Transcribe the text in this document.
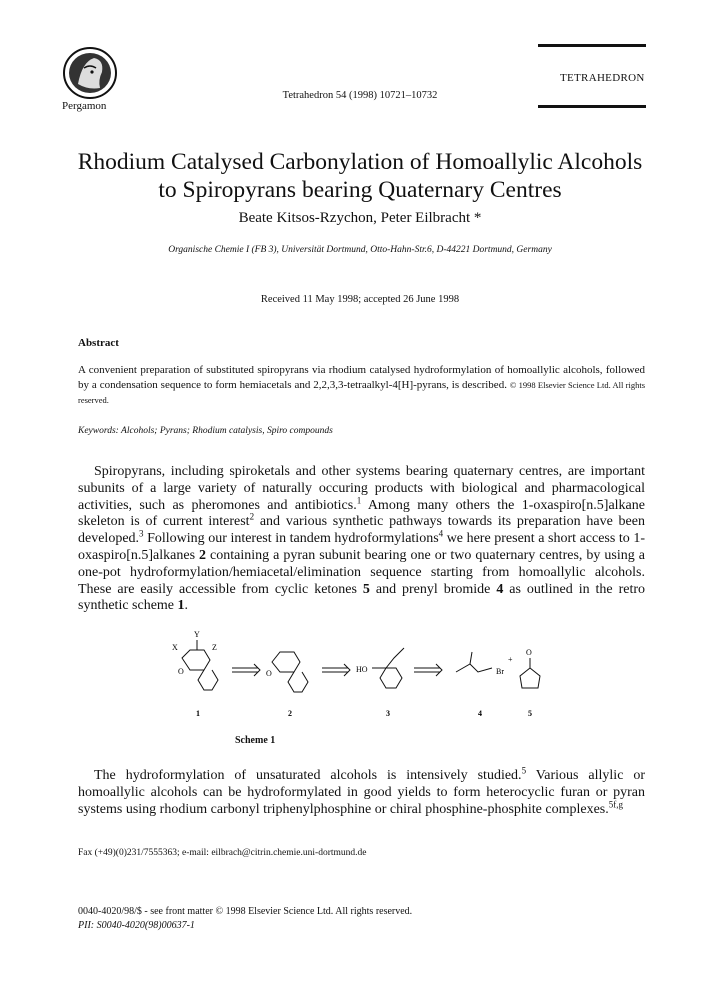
Pergamon
TETRAHEDRON
Tetrahedron 54 (1998) 10721–10732
Rhodium Catalysed Carbonylation of Homoallylic Alcohols
to Spiropyrans bearing Quaternary Centres
Beate Kitsos-Rzychon, Peter Eilbracht *
Organische Chemie I (FB 3), Universität Dortmund, Otto-Hahn-Str.6, D-44221 Dortmund, Germany
Received 11 May 1998; accepted 26 June 1998
Abstract
A convenient preparation of substituted spiropyrans via rhodium catalysed hydroformylation of homoallylic alcohols, followed by a condensation sequence to form hemiacetals and 2,2,3,3-tetraalkyl-4[H]-pyrans, is described. © 1998 Elsevier Science Ltd. All rights reserved.
Keywords: Alcohols; Pyrans; Rhodium catalysis, Spiro compounds
Spiropyrans, including spiroketals and other systems bearing quaternary centres, are important subunits of a large variety of naturally occuring products with biological and pharmacological activities, such as pheromones and antibiotics.$^1$ Among many others the 1-oxaspiro[n.5]alkane skeleton is of current interest$^2$ and various synthetic pathways towards its preparation have been developed.$^3$ Following our interest in tandem hydroformylations$^4$ we here present a short access to 1-oxaspiro[n.5]alkanes 2 containing a pyran subunit bearing one or two quaternary centres, by using a one-pot hydroformylation/hemiacetal/elimination sequence starting from homoallylic alcohols. These are easily accessible from cyclic ketones 5 and prenyl bromide 4 as outlined in the retro synthetic scheme 1.
X
Y
Z
O	O	HO	Br
+
O
1	2	3	4	5
Scheme 1
The hydroformylation of unsaturated alcohols is intensively studied.$^5$ Various allylic or homoallylic alcohols can be hydroformylated in good yields to form heterocyclic furan or pyran systems using rhodium carbonyl triphenylphosphine or chiral phosphine-phosphite complexes.$^{5f,g}$
Fax (+49)(0)231/7555363; e-mail: eilbrach@citrin.chemie.uni-dortmund.de
0040-4020/98/$ - see front matter © 1998 Elsevier Science Ltd. All rights reserved.
PII: S0040-4020(98)00637-1
